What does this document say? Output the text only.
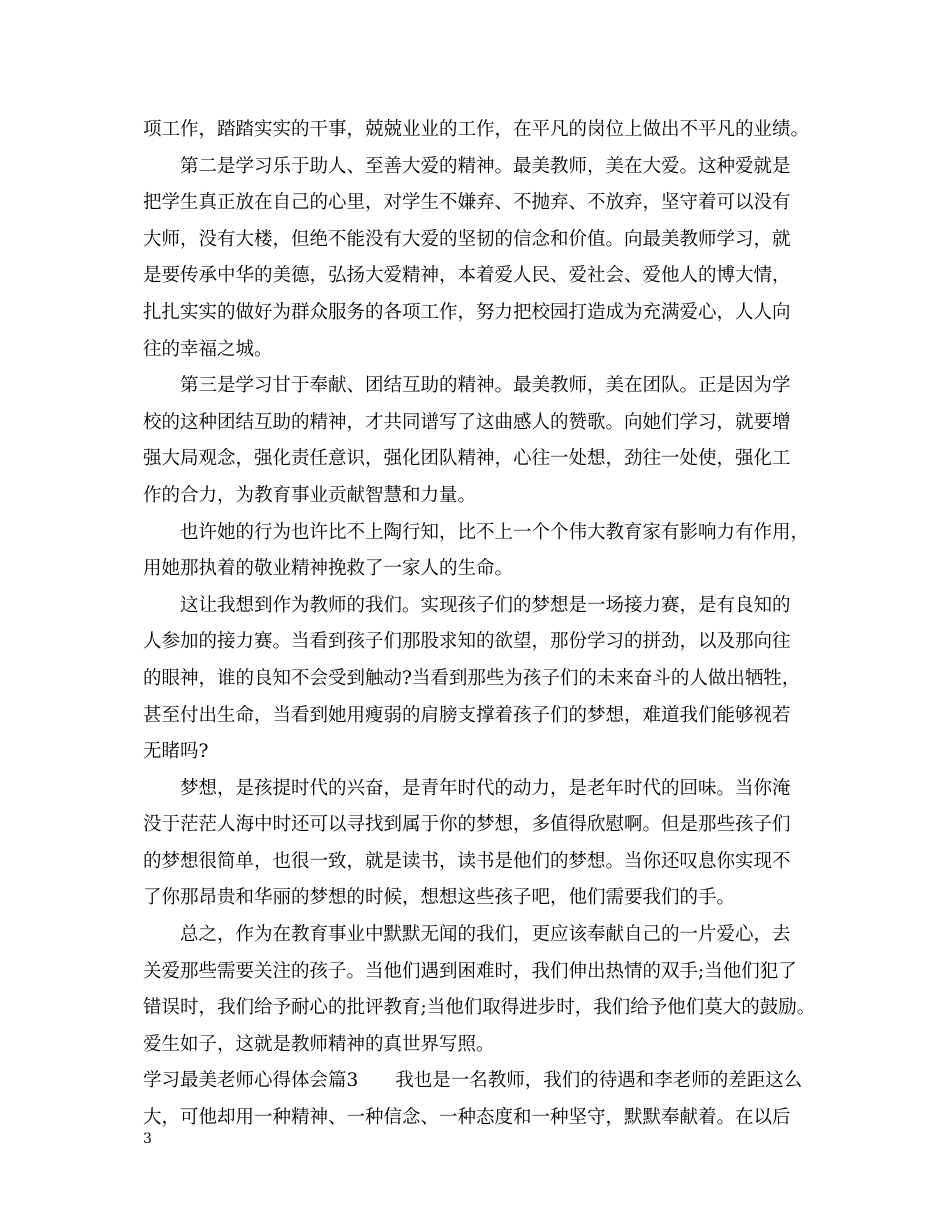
项工作，踏踏实实的干事，兢兢业业的工作，在平凡的岗位上做出不平凡的业绩。
第二是学习乐于助人、至善大爱的精神。最美教师，美在大爱。这种爱就是
把学生真正放在自己的心里，对学生不嫌弃、不抛弃、不放弃，坚守着可以没有
大师，没有大楼，但绝不能没有大爱的坚韧的信念和价值。向最美教师学习，就
是要传承中华的美德，弘扬大爱精神，本着爱人民、爱社会、爱他人的博大情，
扎扎实实的做好为群众服务的各项工作，努力把校园打造成为充满爱心，人人向
往的幸福之城。
第三是学习甘于奉献、团结互助的精神。最美教师，美在团队。正是因为学
校的这种团结互助的精神，才共同谱写了这曲感人的赞歌。向她们学习，就要增
强大局观念，强化责任意识，强化团队精神，心往一处想，劲往一处使，强化工
作的合力，为教育事业贡献智慧和力量。
也许她的行为也许比不上陶行知，比不上一个个伟大教育家有影响力有作用，
用她那执着的敬业精神挽救了一家人的生命。
这让我想到作为教师的我们。实现孩子们的梦想是一场接力赛，是有良知的
人参加的接力赛。当看到孩子们那股求知的欲望，那份学习的拼劲，以及那向往
的眼神，谁的良知不会受到触动?当看到那些为孩子们的未来奋斗的人做出牺牲，
甚至付出生命，当看到她用瘦弱的肩膀支撑着孩子们的梦想，难道我们能够视若
无睹吗?
梦想，是孩提时代的兴奋，是青年时代的动力，是老年时代的回味。当你淹
没于茫茫人海中时还可以寻找到属于你的梦想，多值得欣慰啊。但是那些孩子们
的梦想很简单，也很一致，就是读书，读书是他们的梦想。当你还叹息你实现不
了你那昂贵和华丽的梦想的时候，想想这些孩子吧，他们需要我们的手。
总之，作为在教育事业中默默无闻的我们，更应该奉献自己的一片爱心，去
关爱那些需要关注的孩子。当他们遇到困难时，我们伸出热情的双手;当他们犯了
错误时，我们给予耐心的批评教育;当他们取得进步时，我们给予他们莫大的鼓励。
爱生如子，这就是教师精神的真世界写照。
学习最美老师心得体会篇3　　我也是一名教师，我们的待遇和李老师的差距这么
大，可他却用一种精神、一种信念、一种态度和一种坚守，默默奉献着。在以后
3
